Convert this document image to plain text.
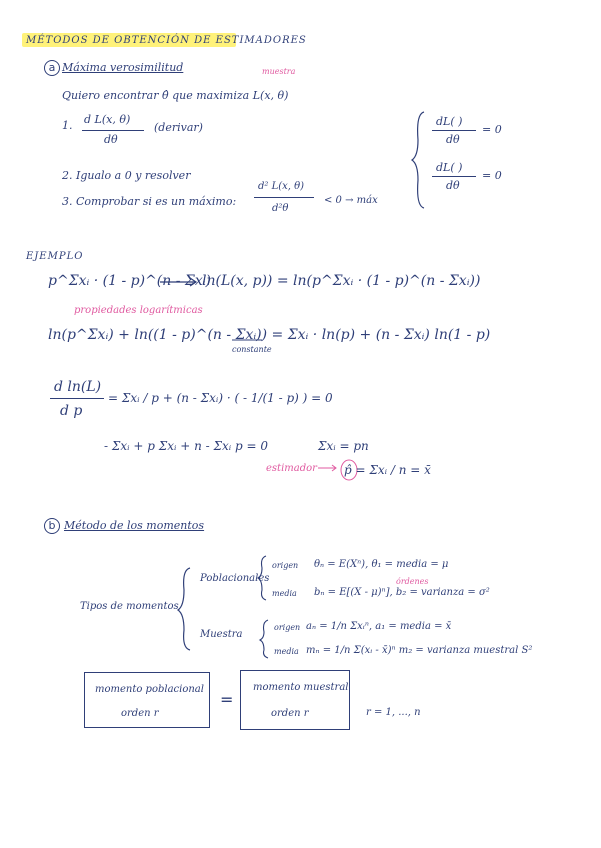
MÉTODOS DE OBTENCIÓN DE ESTIMADORES
a Máxima verosimilitud	muestra
Quiero encontrar θ̂ que maximiza L(x, θ)
1. d L(x, θ)
dθ
(derivar)
2. Igualo a 0 y resolver
3. Comprobar si es un máximo:
d² L(x, θ)
d²θ
< 0 → máx
dL( )
dθ
= 0
dL( )
dθ
= 0
EJEMPLO
p^Σxᵢ · (1 - p)^(n - Σxᵢ)
ln(L(x, p)) = ln(p^Σxᵢ · (1 - p)^(n - Σxᵢ))
propiedades logarítmicas
ln(p^Σxᵢ) + ln((1 - p)^(n - Σxᵢ)) = Σxᵢ · ln(p) + (n - Σxᵢ) ln(1 - p)
constante
d ln(L)
d p
= Σxᵢ / p + (n - Σxᵢ) · ( - 1/(1 - p) ) = 0
- Σxᵢ + p Σxᵢ + n - Σxᵢ p = 0	Σxᵢ = pn
estimador p̂ = Σxᵢ / n = x̄
b Método de los momentos
Tipos de momentos
Poblacionales
origen θₙ = E(Xⁿ), θ₁ = media = μ
órdenes
media bₙ = E[(X - μ)ⁿ], b₂ = varianza = σ²
Muestra
origen aₙ = 1/n Σxᵢⁿ, a₁ = media = x̄
media mₙ = 1/n Σ(xᵢ - x̄)ⁿ m₂ = varianza muestral S²
momento poblacional
orden r
=
momento muestral
orden r	r = 1, ..., n
